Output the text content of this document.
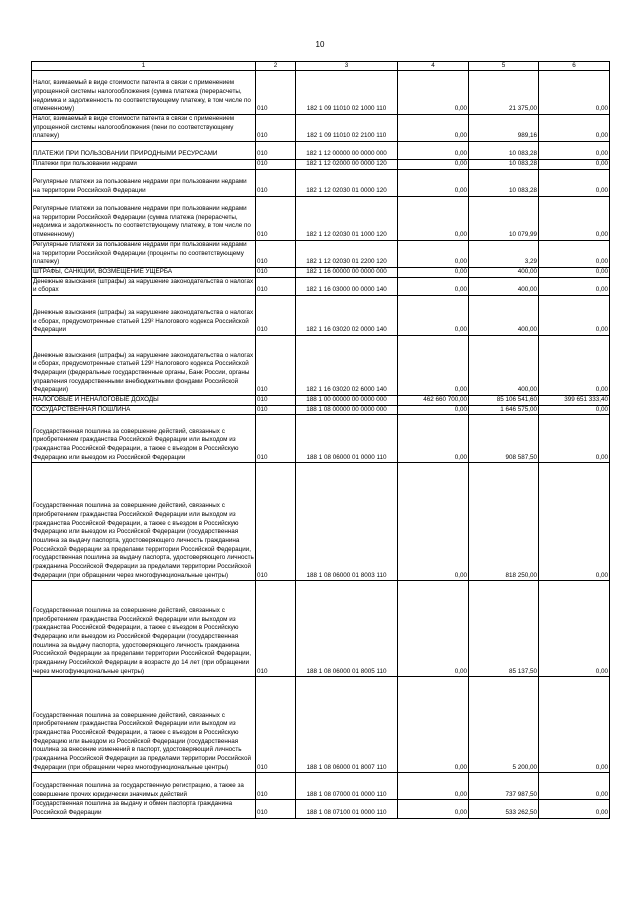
10
1	2	3	4	5	6
Налог, взимаемый в виде стоимости патента в связи с применением упрощенной системы налогообложения (сумма платежа (перерасчеты, недоимка и задолженность по соответствующему платежу, в том числе по отмененному)	010	182 1 09 11010 02 1000 110	0,00	21 375,00	0,00
Налог, взимаемый в виде стоимости патента в связи с применением упрощенной системы налогообложения (пени по соответствующему платежу)	010	182 1 09 11010 02 2100 110	0,00	989,16	0,00
ПЛАТЕЖИ ПРИ ПОЛЬЗОВАНИИ ПРИРОДНЫМИ РЕСУРСАМИ	010	182 1 12 00000 00 0000 000	0,00	10 083,28	0,00
Платежи при пользовании недрами	010	182 1 12 02000 00 0000 120	0,00	10 083,28	0,00
Регулярные платежи за пользование недрами при пользовании недрами на территории Российской Федерации	010	182 1 12 02030 01 0000 120	0,00	10 083,28	0,00
Регулярные платежи за пользование недрами при пользовании недрами на территории Российской Федерации (сумма платежа (перерасчеты, недоимка и задолженность по соответствующему платежу, в том числе по отмененному)	010	182 1 12 02030 01 1000 120	0,00	10 079,99	0,00
Регулярные платежи за пользование недрами при пользовании недрами на территории Российской Федерации (проценты по соответствующему платежу)	010	182 1 12 02030 01 2200 120	0,00	3,29	0,00
ШТРАФЫ, САНКЦИИ, ВОЗМЕЩЕНИЕ УЩЕРБА	010	182 1 16 00000 00 0000 000	0,00	400,00	0,00
Денежные взыскания (штрафы) за нарушение законодательства о налогах и сборах	010	182 1 16 03000 00 0000 140	0,00	400,00	0,00
Денежные взыскания (штрафы) за нарушение законодательства о налогах и сборах, предусмотренные статьей 129² Налогового кодекса Российской Федерации	010	182 1 16 03020 02 0000 140	0,00	400,00	0,00
Денежные взыскания (штрафы) за нарушение законодательства о налогах и сборах, предусмотренные статьей 129² Налогового кодекса Российской Федерации (федеральные государственные органы, Банк России, органы управления государственными внебюджетными фондами Российской Федерации)	010	182 1 16 03020 02 6000 140	0,00	400,00	0,00
НАЛОГОВЫЕ И НЕНАЛОГОВЫЕ ДОХОДЫ	010	188 1 00 00000 00 0000 000	462 660 700,00	85 106 541,60	399 651 333,40
ГОСУДАРСТВЕННАЯ ПОШЛИНА	010	188 1 08 00000 00 0000 000	0,00	1 646 575,00	0,00
Государственная пошлина за совершение действий, связанных с приобретением гражданства Российской Федерации или выходом из гражданства Российской Федерации, а также с въездом в Российскую Федерацию или выездом из Российской Федерации	010	188 1 08 06000 01 0000 110	0,00	908 587,50	0,00
Государственная пошлина за совершение действий, связанных с приобретением гражданства Российской Федерации или выходом из гражданства Российской Федерации, а также с въездом в Российскую Федерацию или выездом из Российской Федерации (государственная пошлина за выдачу паспорта, удостоверяющего личность гражданина Российской Федерации за пределами территории Российской Федерации, государственная пошлина за выдачу паспорта, удостоверяющего личность гражданина Российской Федерации за пределами территории Российской Федерации (при обращении через многофункциональные центры)	010	188 1 08 06000 01 8003 110	0,00	818 250,00	0,00
Государственная пошлина за совершение действий, связанных с приобретением гражданства Российской Федерации или выходом из гражданства Российской Федерации, а также с въездом в Российскую Федерацию или выездом из Российской Федерации (государственная пошлина за выдачу паспорта, удостоверяющего личность гражданина Российской Федерации за пределами территории Российской Федерации, гражданину Российской Федерации в возрасте до 14 лет (при обращении через многофункциональные центры)	010	188 1 08 06000 01 8005 110	0,00	85 137,50	0,00
Государственная пошлина за совершение действий, связанных с приобретением гражданства Российской Федерации или выходом из гражданства Российской Федерации, а также с въездом в Российскую Федерацию или выездом из Российской Федерации (государственная пошлина за внесение изменений в паспорт, удостоверяющий личность гражданина Российской Федерации за пределами территории Российской Федерации (при обращении через многофункциональные центры)	010	188 1 08 06000 01 8007 110	0,00	5 200,00	0,00
Государственная пошлина за государственную регистрацию, а также за совершение прочих юридически значимых действий	010	188 1 08 07000 01 0000 110	0,00	737 987,50	0,00
Государственная пошлина за выдачу и обмен паспорта гражданина Российской Федерации	010	188 1 08 07100 01 0000 110	0,00	533 262,50	0,00
